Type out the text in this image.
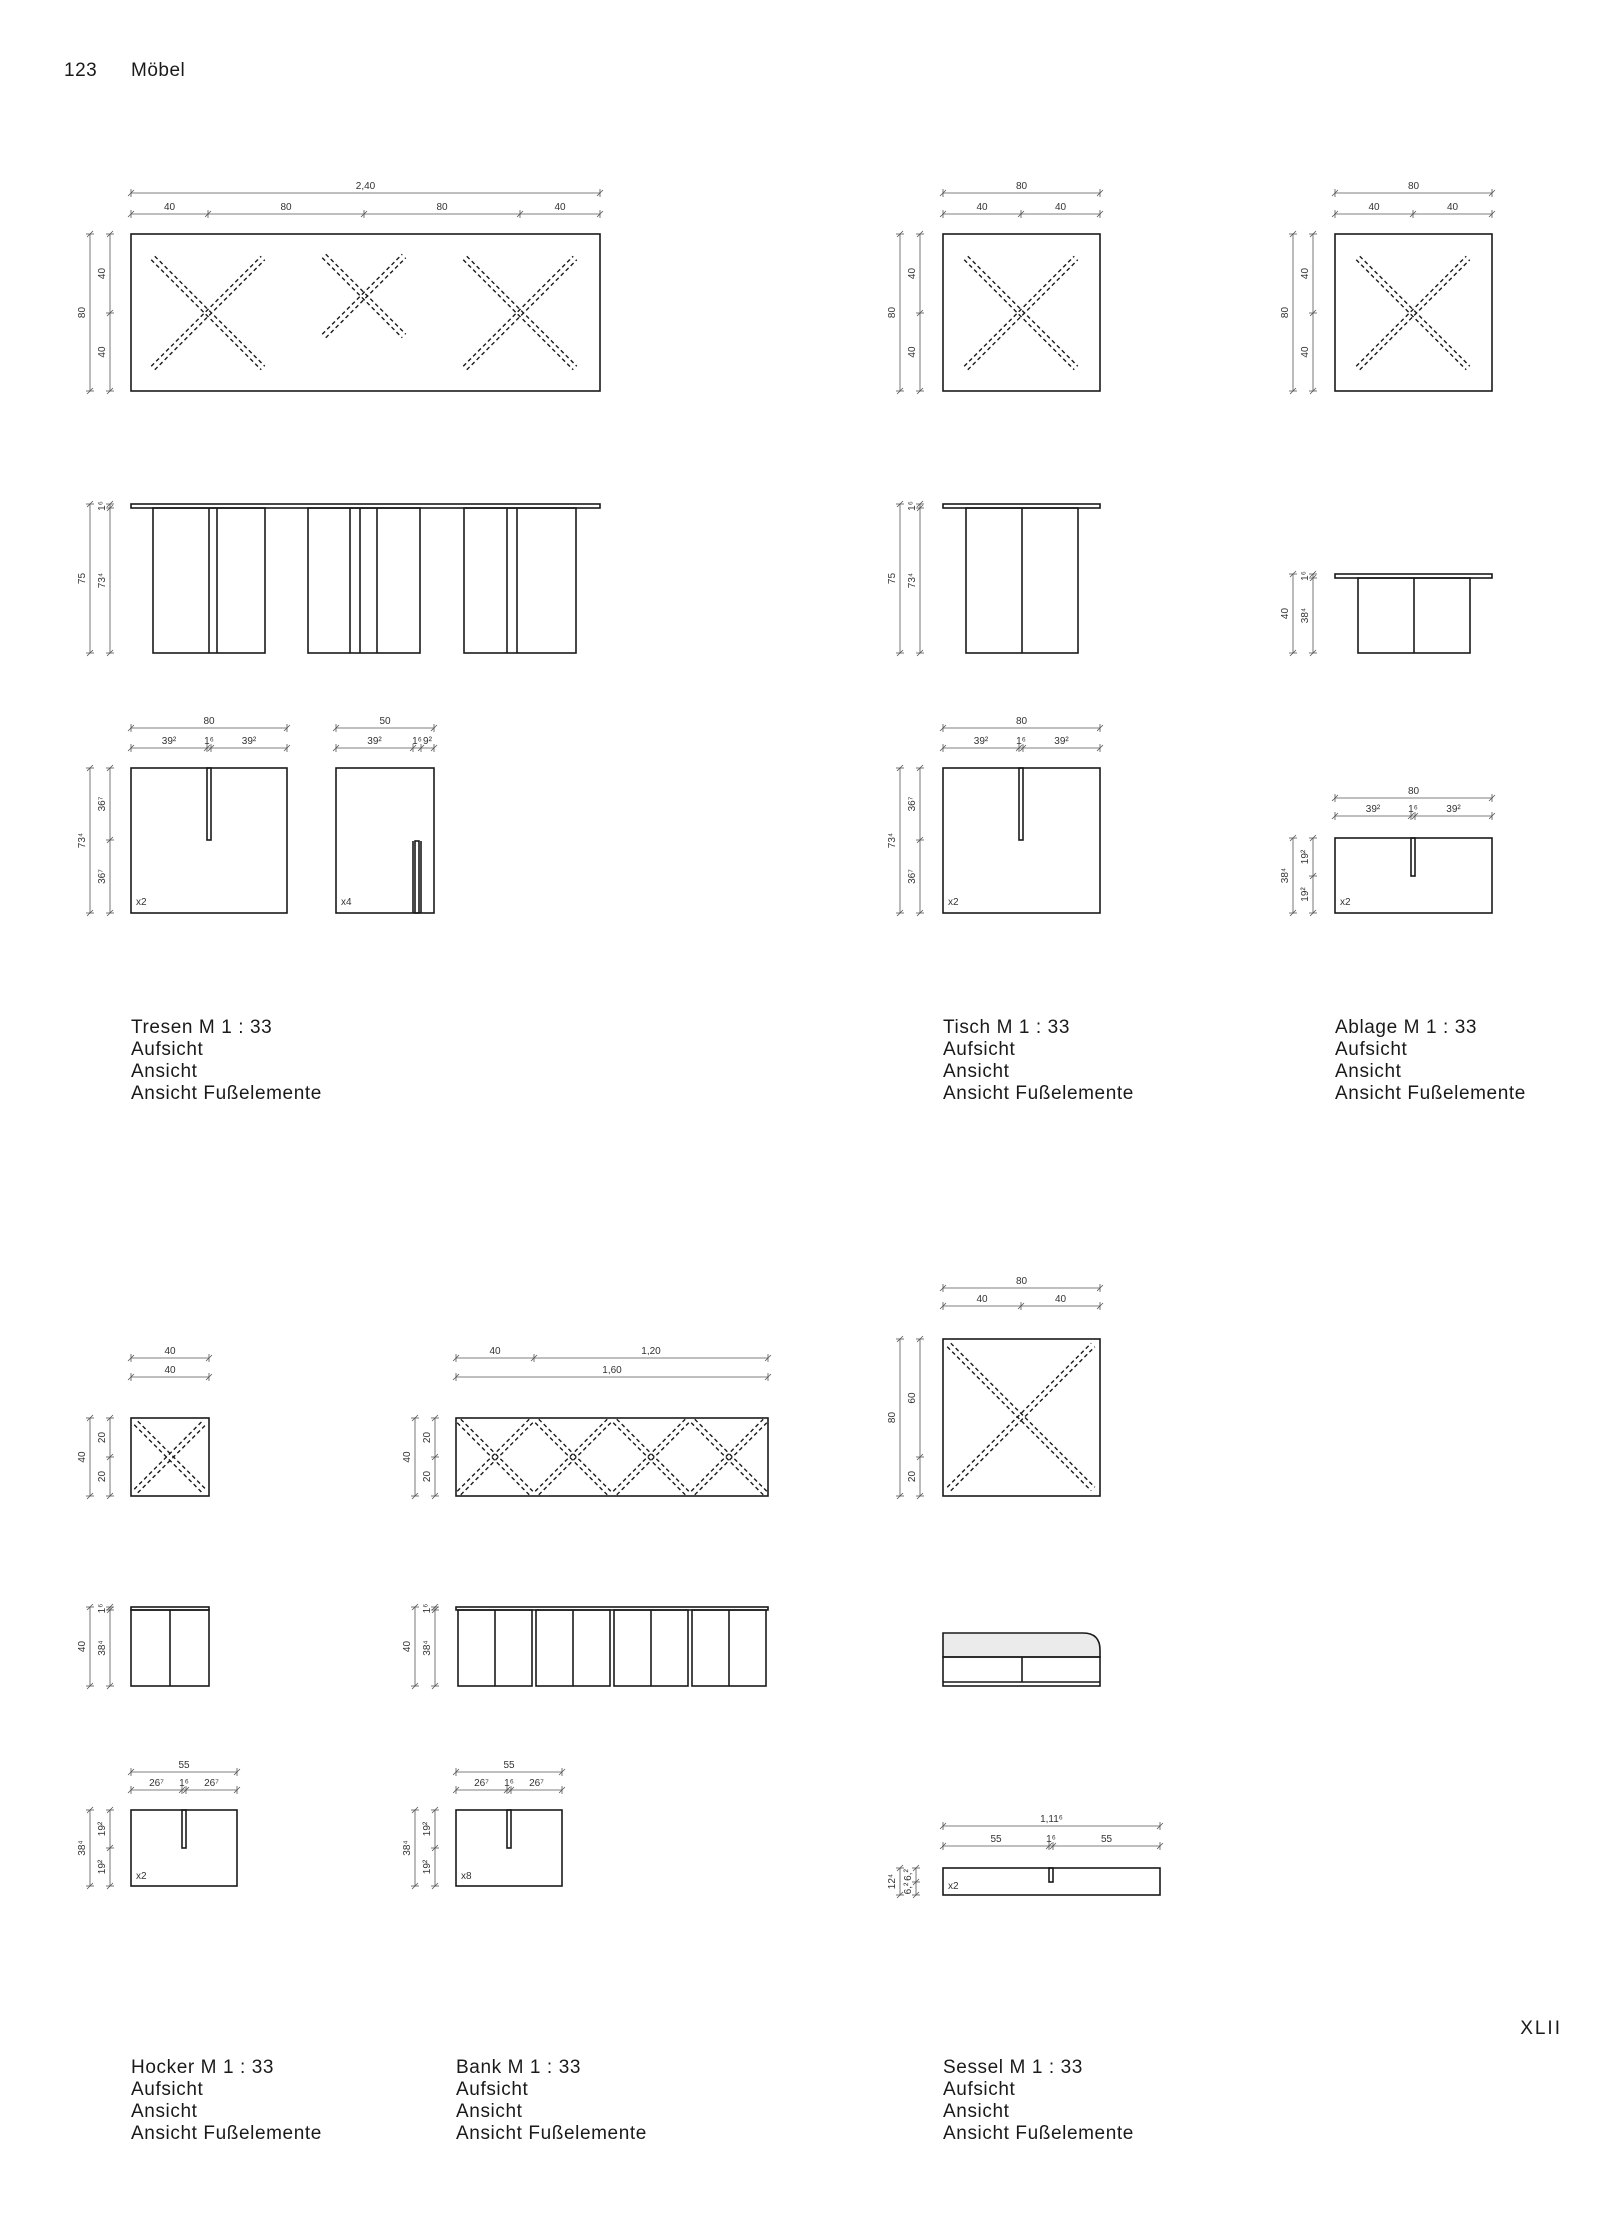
123 Möbel
2,40
40	80	80	40
80
40
40
75
1⁶
73⁴
x2
80
39²	1⁶	39²
73⁴
36⁷
36⁷
x4
50
39²	1⁶ 9²
80
40	40
80
40
40
75
1⁶
73⁴
x2
80
39²	1⁶	39²
73⁴
36⁷
36⁷
80
40	40
80
40
40
40
1⁶
38⁴
x2
80
39²	1⁶	39²
38⁴
19²
19²
40
40
40
20
20
40
1⁶
38⁴
x2
55
26⁷ 1⁶ 26⁷
38⁴
19²
19²
40	1,20
1,60
40
20
20
40
1⁶
38⁴
x8
55
26⁷ 1⁶ 26⁷
38⁴
19²
19²
80
40	40
80
60
20
x2
1,11⁶
55	1⁶	55
12⁴ 6,²
6,²
Tresen M 1 : 33
Aufsicht
Ansicht
Ansicht Fußelemente
Tisch M 1 : 33
Aufsicht
Ansicht
Ansicht Fußelemente
Ablage M 1 : 33
Aufsicht
Ansicht
Ansicht Fußelemente
Hocker M 1 : 33
Aufsicht
Ansicht
Ansicht Fußelemente
Bank M 1 : 33
Aufsicht
Ansicht
Ansicht Fußelemente
Sessel M 1 : 33
Aufsicht
Ansicht
Ansicht Fußelemente
XLII
